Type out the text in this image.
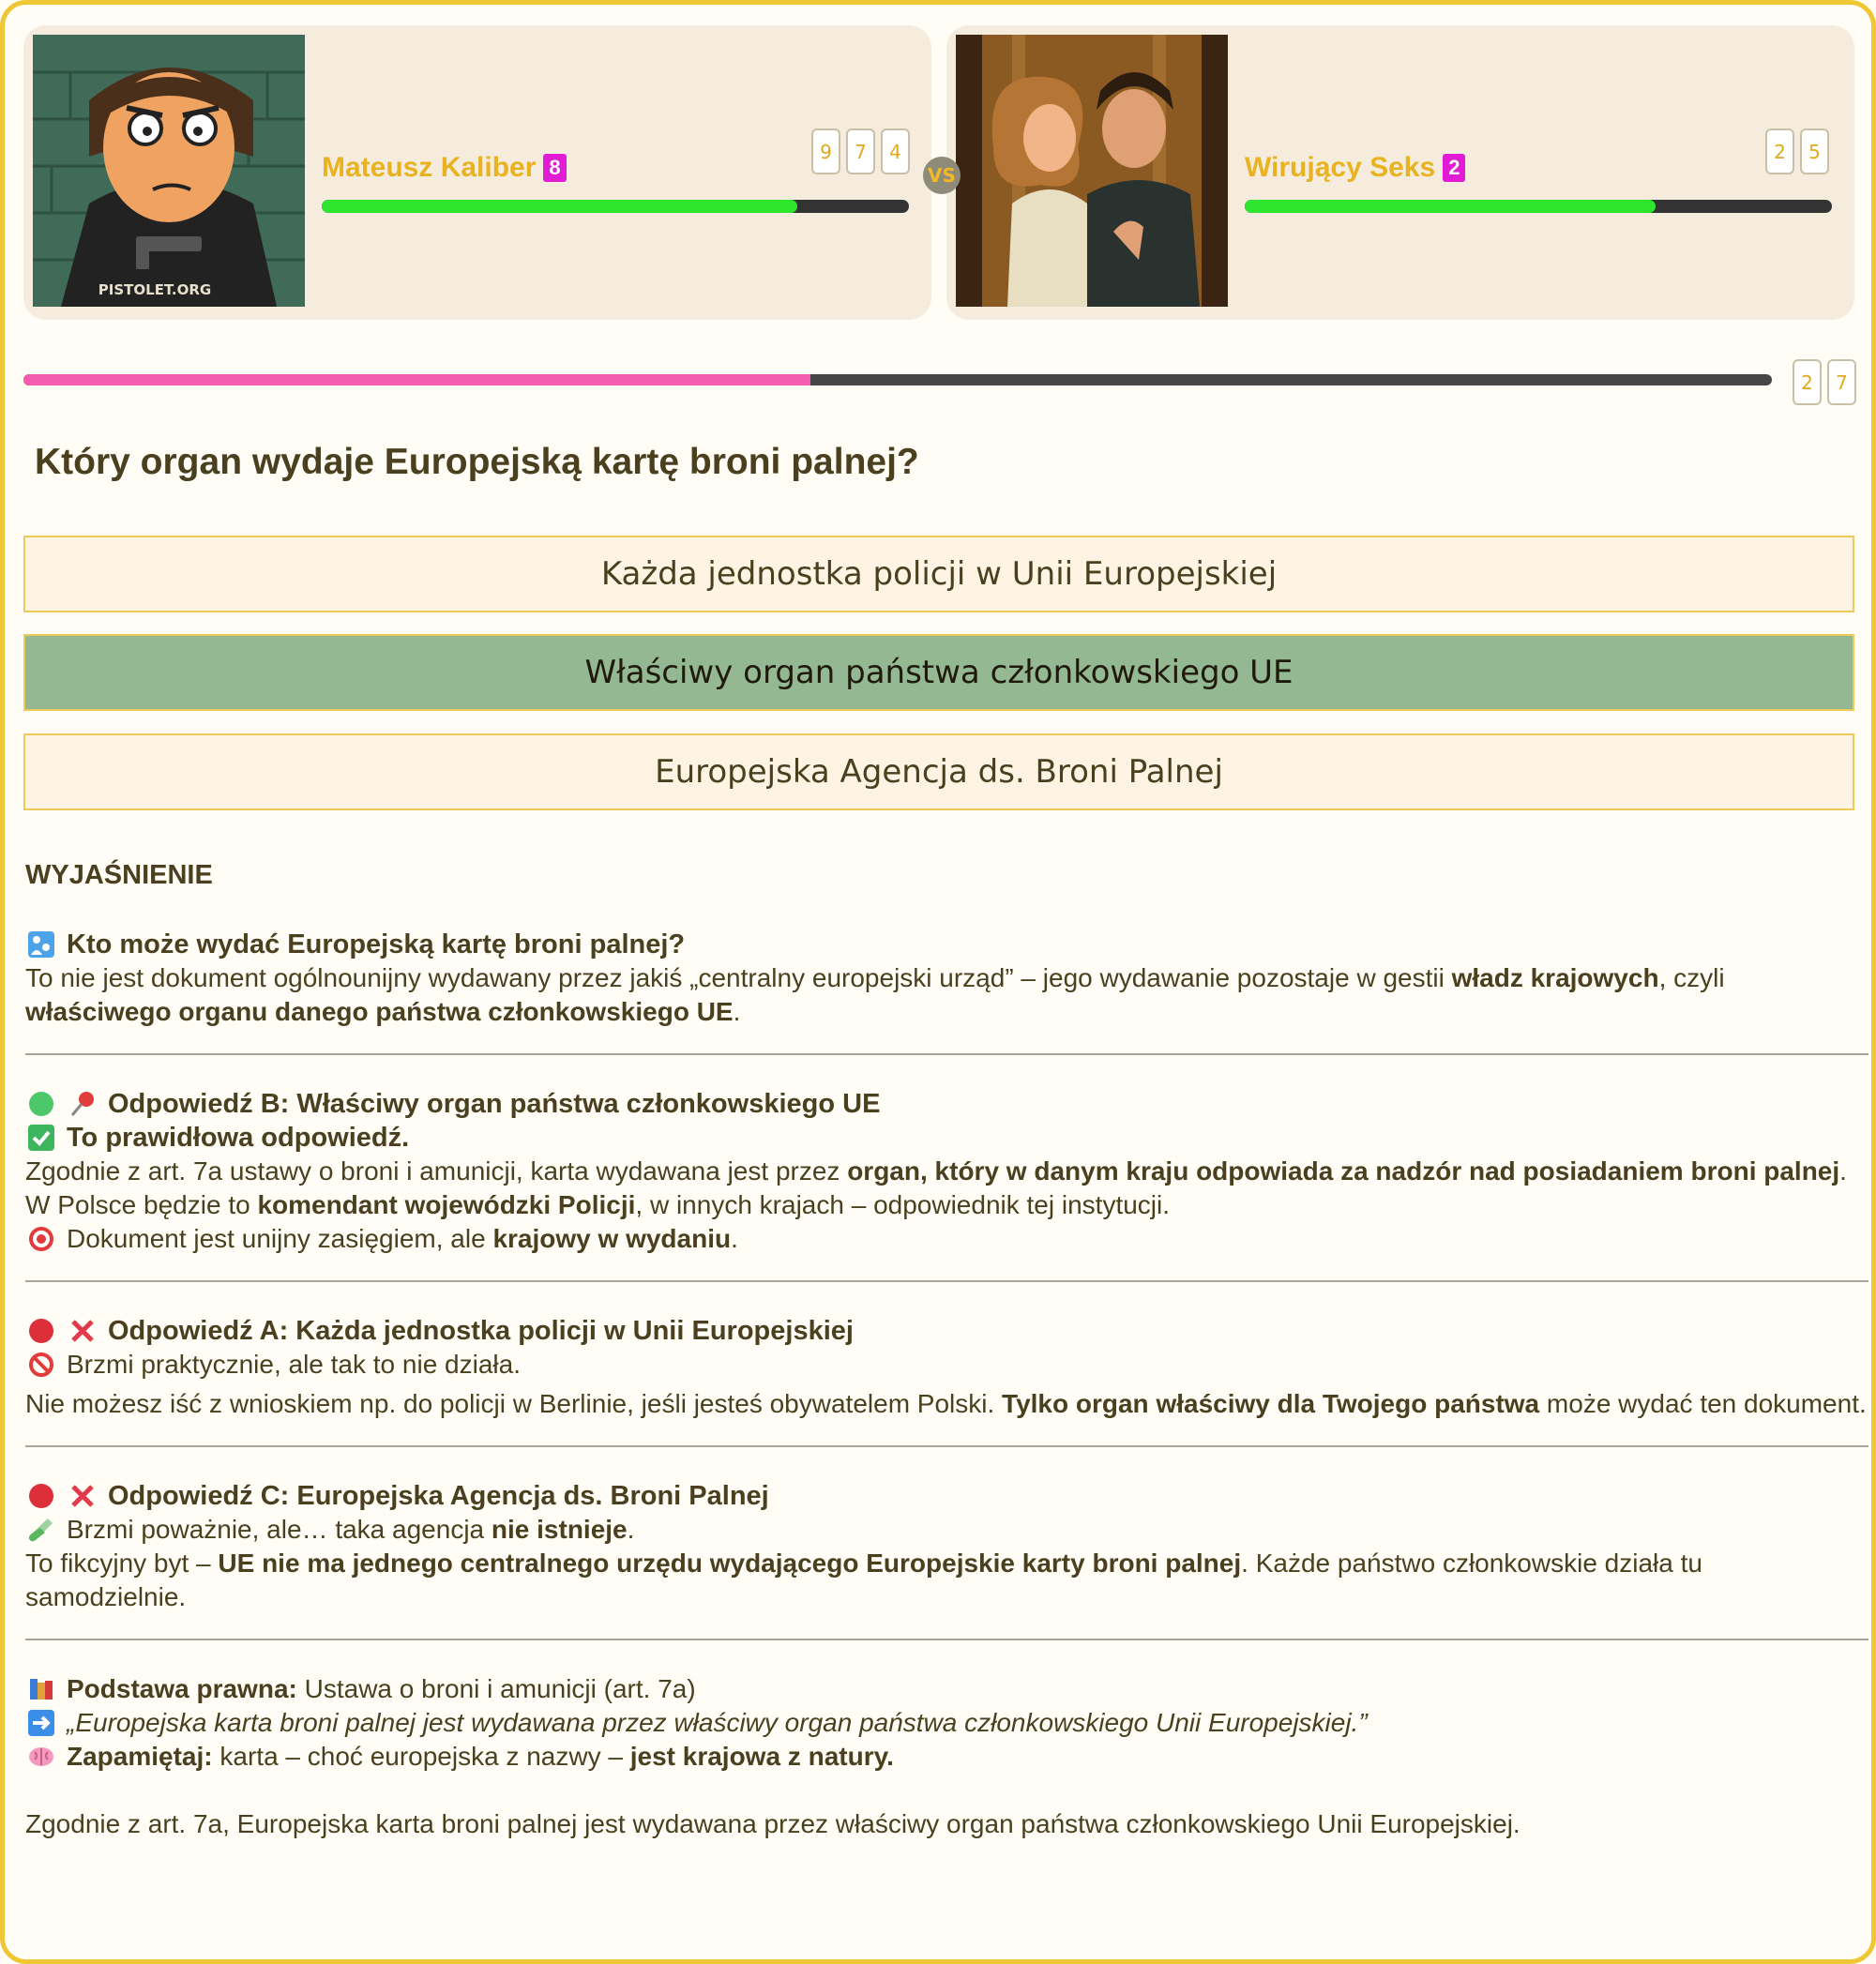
PISTOLET.ORG
Mateusz Kaliber 8
9	7	4
VS	Wirujący Seks 2
2	5
2	7
Który organ wydaje Europejską kartę broni palnej?
Każda jednostka policji w Unii Europejskiej
Właściwy organ państwa członkowskiego UE
Europejska Agencja ds. Broni Palnej
WYJAŚNIENIE
Kto może wydać Europejską kartę broni palnej?
To nie jest dokument ogólnounijny wydawany przez jakiś „centralny europejski urząd” – jego wydawanie pozostaje w gestii władz krajowych, czyli właściwego organu danego państwa członkowskiego UE.
Odpowiedź B: Właściwy organ państwa członkowskiego UE
To prawidłowa odpowiedź.
Zgodnie z art. 7a ustawy o broni i amunicji, karta wydawana jest przez organ, który w danym kraju odpowiada za nadzór nad posiadaniem broni palnej. W Polsce będzie to komendant wojewódzki Policji, w innych krajach – odpowiednik tej instytucji.
Dokument jest unijny zasięgiem, ale krajowy w wydaniu.
Odpowiedź A: Każda jednostka policji w Unii Europejskiej
Brzmi praktycznie, ale tak to nie działa.
Nie możesz iść z wnioskiem np. do policji w Berlinie, jeśli jesteś obywatelem Polski. Tylko organ właściwy dla Twojego państwa może wydać ten dokument.
Odpowiedź C: Europejska Agencja ds. Broni Palnej
Brzmi poważnie, ale… taka agencja nie istnieje.
To fikcyjny byt – UE nie ma jednego centralnego urzędu wydającego Europejskie karty broni palnej. Każde państwo członkowskie działa tu samodzielnie.
Podstawa prawna: Ustawa o broni i amunicji (art. 7a)
„Europejska karta broni palnej jest wydawana przez właściwy organ państwa członkowskiego Unii Europejskiej.”
Zapamiętaj: karta – choć europejska z nazwy – jest krajowa z natury.
Zgodnie z art. 7a, Europejska karta broni palnej jest wydawana przez właściwy organ państwa członkowskiego Unii Europejskiej.
